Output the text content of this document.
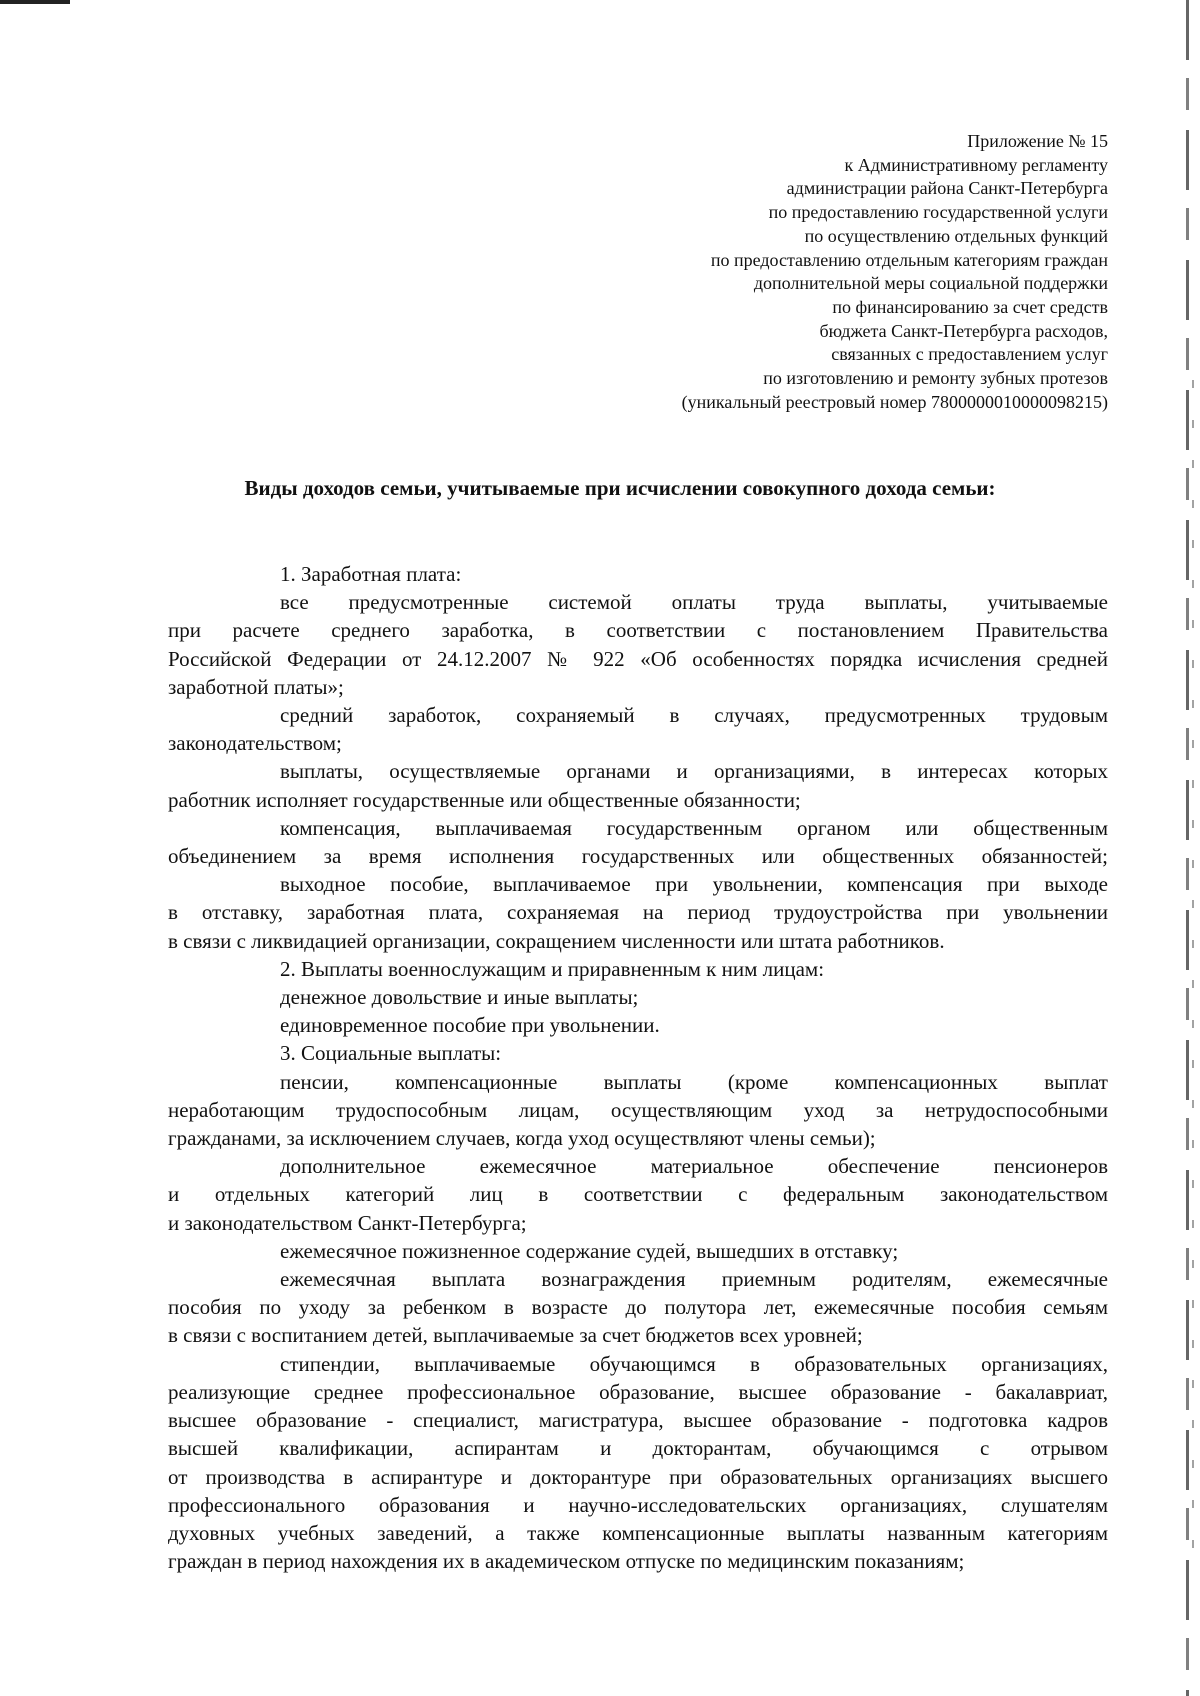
Приложение № 15
к Административному регламенту
администрации района Санкт-Петербурга
по предоставлению государственной услуги
по осуществлению отдельных функций
по предоставлению отдельным категориям граждан
дополнительной меры социальной поддержки
по финансированию за счет средств
бюджета Санкт-Петербурга расходов,
связанных с предоставлением услуг
по изготовлению и ремонту зубных протезов
(уникальный реестровый номер 7800000010000098215)
Виды доходов семьи, учитываемые при исчислении совокупного дохода семьи:
1. Заработная плата:
все предусмотренные системой оплаты труда выплаты, учитываемые
при расчете среднего заработка, в соответствии с постановлением Правительства
Российской Федерации от 24.12.2007 № 922 «Об особенностях порядка исчисления средней
заработной платы»;
средний заработок, сохраняемый в случаях, предусмотренных трудовым
законодательством;
выплаты, осуществляемые органами и организациями, в интересах которых
работник исполняет государственные или общественные обязанности;
компенсация, выплачиваемая государственным органом или общественным
объединением за время исполнения государственных или общественных обязанностей;
выходное пособие, выплачиваемое при увольнении, компенсация при выходе
в отставку, заработная плата, сохраняемая на период трудоустройства при увольнении
в связи с ликвидацией организации, сокращением численности или штата работников.
2. Выплаты военнослужащим и приравненным к ним лицам:
денежное довольствие и иные выплаты;
единовременное пособие при увольнении.
3. Социальные выплаты:
пенсии, компенсационные выплаты (кроме компенсационных выплат
неработающим трудоспособным лицам, осуществляющим уход за нетрудоспособными
гражданами, за исключением случаев, когда уход осуществляют члены семьи);
дополнительное ежемесячное материальное обеспечение пенсионеров
и отдельных категорий лиц в соответствии с федеральным законодательством
и законодательством Санкт-Петербурга;
ежемесячное пожизненное содержание судей, вышедших в отставку;
ежемесячная выплата вознаграждения приемным родителям, ежемесячные
пособия по уходу за ребенком в возрасте до полутора лет, ежемесячные пособия семьям
в связи с воспитанием детей, выплачиваемые за счет бюджетов всех уровней;
стипендии, выплачиваемые обучающимся в образовательных организациях,
реализующие среднее профессиональное образование, высшее образование - бакалавриат,
высшее образование - специалист, магистратура, высшее образование - подготовка кадров
высшей квалификации, аспирантам и докторантам, обучающимся с отрывом
от производства в аспирантуре и докторантуре при образовательных организациях высшего
профессионального образования и научно-исследовательских организациях, слушателям
духовных учебных заведений, а также компенсационные выплаты названным категориям
граждан в период нахождения их в академическом отпуске по медицинским показаниям;
